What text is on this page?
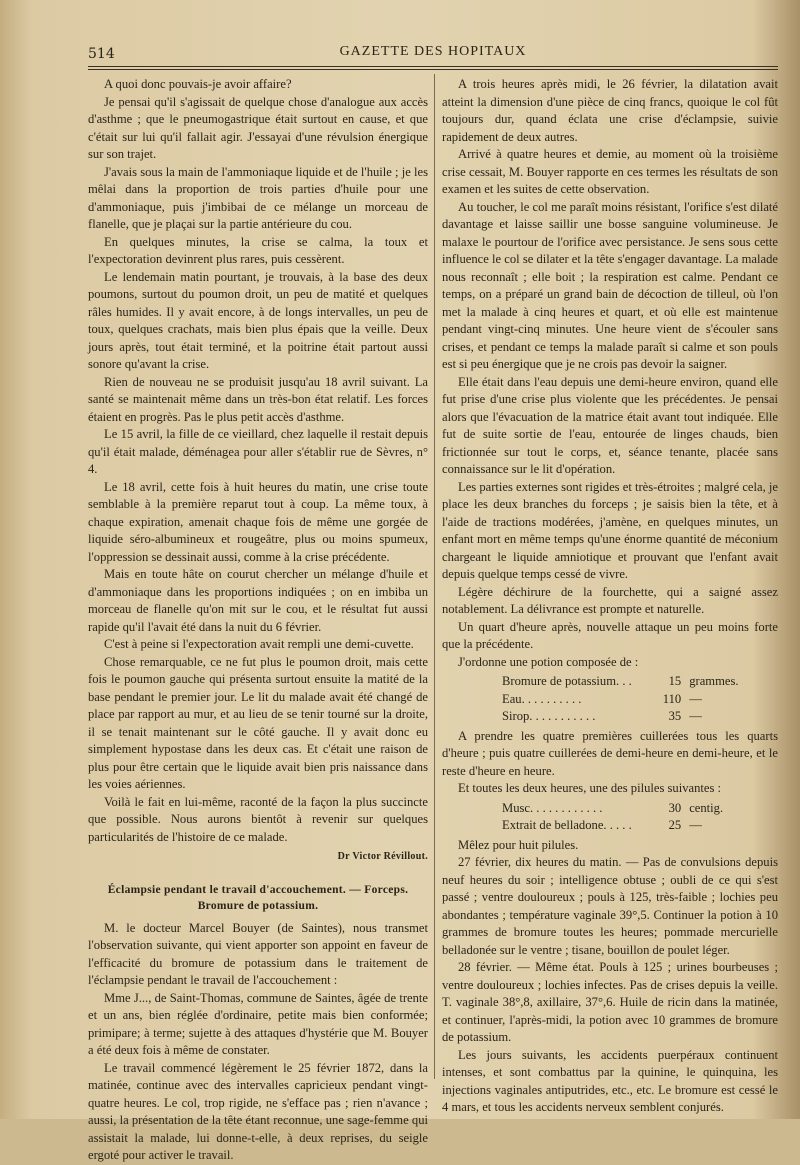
514	GAZETTE DES HOPITAUX

A quoi donc pouvais-je avoir affaire?

Je pensai qu'il s'agissait de quelque chose d'analogue aux accès d'asthme ; que le pneumogastrique était surtout en cause, et que c'était sur lui qu'il fallait agir. J'essayai d'une révulsion énergique sur son trajet.

J'avais sous la main de l'ammoniaque liquide et de l'huile ; je les mêlai dans la proportion de trois parties d'huile pour une d'ammoniaque, puis j'imbibai de ce mélange un morceau de flanelle, que je plaçai sur la partie antérieure du cou.

En quelques minutes, la crise se calma, la toux et l'expectoration devinrent plus rares, puis cessèrent.

Le lendemain matin pourtant, je trouvais, à la base des deux poumons, surtout du poumon droit, un peu de matité et quelques râles humides. Il y avait encore, à de longs intervalles, un peu de toux, quelques crachats, mais bien plus épais que la veille. Deux jours après, tout était terminé, et la poitrine était partout aussi sonore qu'avant la crise.

Rien de nouveau ne se produisit jusqu'au 18 avril suivant. La santé se maintenait même dans un très-bon état relatif. Les forces étaient en progrès. Pas le plus petit accès d'asthme.

Le 15 avril, la fille de ce vieillard, chez laquelle il restait depuis qu'il était malade, déménagea pour aller s'établir rue de Sèvres, n° 4.

Le 18 avril, cette fois à huit heures du matin, une crise toute semblable à la première reparut tout à coup. La même toux, à chaque expiration, amenait chaque fois de même une gorgée de liquide séro-albumineux et rougeâtre, plus ou moins spumeux, l'oppression se dessinait aussi, comme à la crise précédente.

Mais en toute hâte on courut chercher un mélange d'huile et d'ammoniaque dans les proportions indiquées ; on en imbiba un morceau de flanelle qu'on mit sur le cou, et le résultat fut aussi rapide qu'il l'avait été dans la nuit du 6 février.

C'est à peine si l'expectoration avait rempli une demi-cuvette.

Chose remarquable, ce ne fut plus le poumon droit, mais cette fois le poumon gauche qui présenta surtout ensuite la matité de la base pendant le premier jour. Le lit du malade avait été changé de place par rapport au mur, et au lieu de se tenir tourné sur la droite, il se tenait maintenant sur le côté gauche. Il y avait donc eu simplement hypostase dans les deux cas. Et c'était une raison de plus pour être certain que le liquide avait bien pris naissance dans les voies aériennes.

Voilà le fait en lui-même, raconté de la façon la plus succincte que possible. Nous aurons bientôt à revenir sur quelques particularités de l'histoire de ce malade.

Dr Victor Révillout.

Éclampsie pendant le travail d'accouchement. — Forceps.
Bromure de potassium.

M. le docteur Marcel Bouyer (de Saintes), nous transmet l'observation suivante, qui vient apporter son appoint en faveur de l'efficacité du bromure de potassium dans le traitement de l'éclampsie pendant le travail de l'accouchement :

Mme J..., de Saint-Thomas, commune de Saintes, âgée de trente et un ans, bien réglée d'ordinaire, petite mais bien conformée; primipare; à terme; sujette à des attaques d'hystérie que M. Bouyer a été deux fois à même de constater.

Le travail commencé légèrement le 25 février 1872, dans la matinée, continue avec des intervalles capricieux pendant vingt-quatre heures. Le col, trop rigide, ne s'efface pas ; rien n'avance ; aussi, la présentation de la tête étant reconnue, une sage-femme qui assistait la malade, lui donne-t-elle, à deux reprises, du seigle ergoté pour activer le travail.

A trois heures après midi, le 26 février, la dilatation avait atteint la dimension d'une pièce de cinq francs, quoique le col fût toujours dur, quand éclata une crise d'éclampsie, suivie rapidement de deux autres.

Arrivé à quatre heures et demie, au moment où la troisième crise cessait, M. Bouyer rapporte en ces termes les résultats de son examen et les suites de cette observation.

Au toucher, le col me paraît moins résistant, l'orifice s'est dilaté davantage et laisse saillir une bosse sanguine volumineuse. Je malaxe le pourtour de l'orifice avec persistance. Je sens sous cette influence le col se dilater et la tête s'engager davantage. La malade nous reconnaît ; elle boit ; la respiration est calme. Pendant ce temps, on a préparé un grand bain de décoction de tilleul, où l'on met la malade à cinq heures et quart, et où elle est maintenue pendant vingt-cinq minutes. Une heure vient de s'écouler sans crises, et pendant ce temps la malade paraît si calme et son pouls est si peu énergique que je ne crois pas devoir la saigner.

Elle était dans l'eau depuis une demi-heure environ, quand elle fut prise d'une crise plus violente que les précédentes. Je pensai alors que l'évacuation de la matrice était avant tout indiquée. Elle fut de suite sortie de l'eau, entourée de linges chauds, bien frictionnée sur tout le corps, et, séance tenante, placée sans connaissance sur le lit d'opération.

Les parties externes sont rigides et très-étroites ; malgré cela, je place les deux branches du forceps ; je saisis bien la tête, et à l'aide de tractions modérées, j'amène, en quelques minutes, un enfant mort en même temps qu'une énorme quantité de méconium chargeant le liquide amniotique et prouvant que l'enfant avait depuis quelque temps cessé de vivre.

Légère déchirure de la fourchette, qui a saigné assez notablement. La délivrance est prompte et naturelle.

Un quart d'heure après, nouvelle attaque un peu moins forte que la précédente.

J'ordonne une potion composée de :

Bromure de potassium. . .	15 grammes.
Eau. . . . . . . . . .	110 —
Sirop. . . . . . . . . . .	35 —

A prendre les quatre premières cuillerées tous les quarts d'heure ; puis quatre cuillerées de demi-heure en demi-heure, et le reste d'heure en heure.

Et toutes les deux heures, une des pilules suivantes :

Musc. . . . . . . . . . . .	30 centig.
Extrait de belladone. . . . .	25 —

Mêlez pour huit pilules.

27 février, dix heures du matin. — Pas de convulsions depuis neuf heures du soir ; intelligence obtuse ; oubli de ce qui s'est passé ; ventre douloureux ; pouls à 125, très-faible ; lochies peu abondantes ; température vaginale 39°,5. Continuer la potion à 10 grammes de bromure toutes les heures; pommade mercurielle belladonée sur le ventre ; tisane, bouillon de poulet léger.

28 février. — Même état. Pouls à 125 ; urines bourbeuses ; ventre douloureux ; lochies infectes. Pas de crises depuis la veille. T. vaginale 38°,8, axillaire, 37°,6. Huile de ricin dans la matinée, et continuer, l'après-midi, la potion avec 10 grammes de bromure de potassium.

Les jours suivants, les accidents puerpéraux continuent intenses, et sont combattus par la quinine, le quinquina, les injections vaginales antiputrides, etc., etc. Le bromure est cessé le 4 mars, et tous les accidents nerveux semblent conjurés.
